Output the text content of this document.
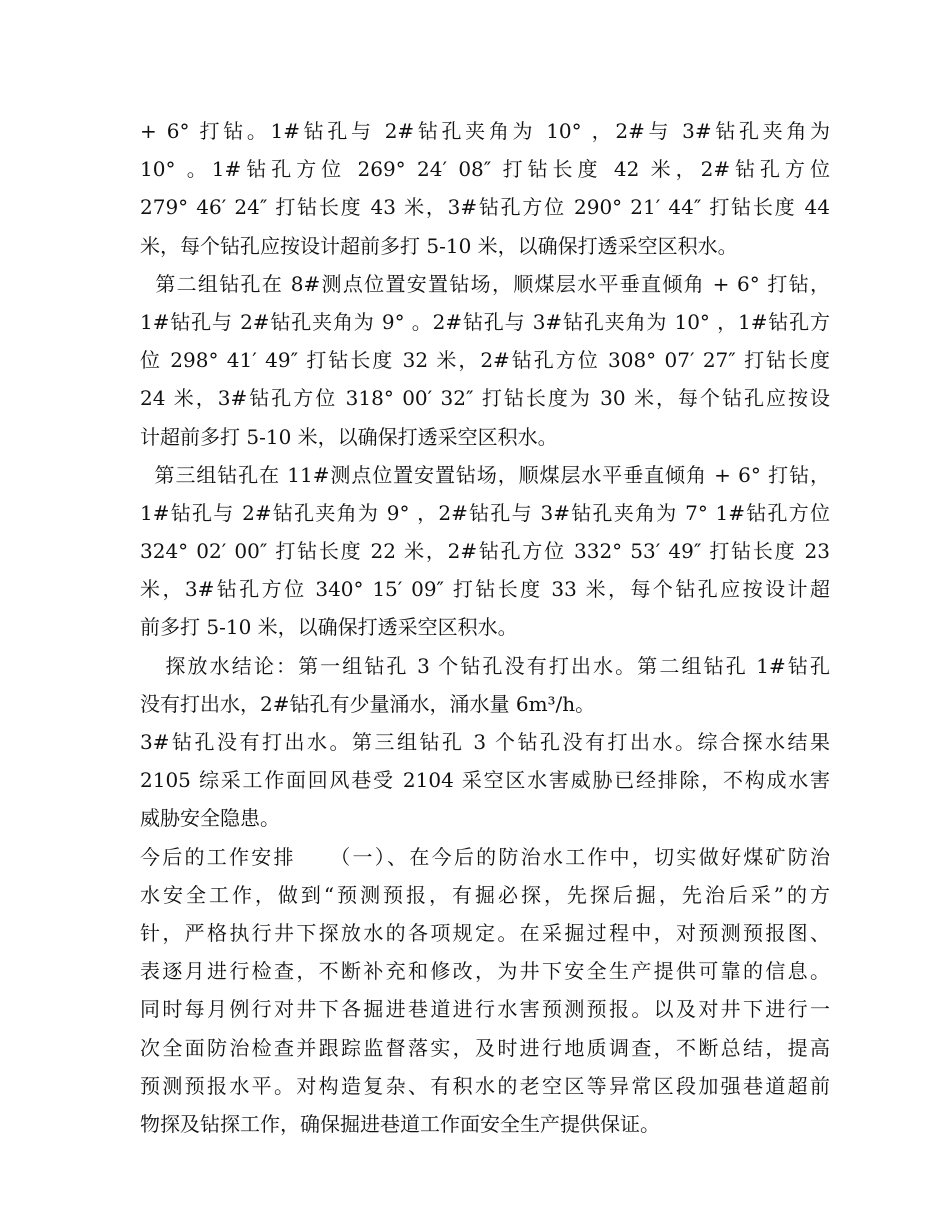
+ 6° 打钻。1#钻孔与 2#钻孔夹角为 10° ，2#与 3#钻孔夹角为
10° 。1#钻孔方位 269° 24′ 08″ 打钻长度 42 米，2#钻孔方位
279° 46′ 24″ 打钻长度 43 米，3#钻孔方位 290° 21′ 44″ 打钻长度 44
米，每个钻孔应按设计超前多打 5-10 米，以确保打透采空区积水。
第二组钻孔在 8#测点位置安置钻场，顺煤层水平垂直倾角 + 6° 打钻，
1#钻孔与 2#钻孔夹角为 9° 。2#钻孔与 3#钻孔夹角为 10° ，1#钻孔方
位 298° 41′ 49″ 打钻长度 32 米，2#钻孔方位 308° 07′ 27″ 打钻长度
24 米，3#钻孔方位 318° 00′ 32″ 打钻长度为 30 米，每个钻孔应按设
计超前多打 5-10 米，以确保打透采空区积水。
第三组钻孔在 11#测点位置安置钻场，顺煤层水平垂直倾角 + 6° 打钻，
1#钻孔与 2#钻孔夹角为 9° ，2#钻孔与 3#钻孔夹角为 7° 1#钻孔方位
324° 02′ 00″ 打钻长度 22 米，2#钻孔方位 332° 53′ 49″ 打钻长度 23
米，3#钻孔方位 340° 15′ 09″ 打钻长度 33 米，每个钻孔应按设计超
前多打 5-10 米，以确保打透采空区积水。
探放水结论：第一组钻孔 3 个钻孔没有打出水。第二组钻孔 1#钻孔
没有打出水，2#钻孔有少量涌水，涌水量 6m³/h。
3#钻孔没有打出水。第三组钻孔 3 个钻孔没有打出水。综合探水结果
2105 综采工作面回风巷受 2104 采空区水害威胁已经排除，不构成水害
威胁安全隐患。
今后的工作安排    （一）、在今后的防治水工作中，切实做好煤矿防治
水安全工作，做到“预测预报，有掘必探，先探后掘，先治后采”的方
针，严格执行井下探放水的各项规定。在采掘过程中，对预测预报图、
表逐月进行检查，不断补充和修改，为井下安全生产提供可靠的信息。
同时每月例行对井下各掘进巷道进行水害预测预报。以及对井下进行一
次全面防治检查并跟踪监督落实，及时进行地质调查，不断总结，提高
预测预报水平。对构造复杂、有积水的老空区等异常区段加强巷道超前
物探及钻探工作，确保掘进巷道工作面安全生产提供保证。
